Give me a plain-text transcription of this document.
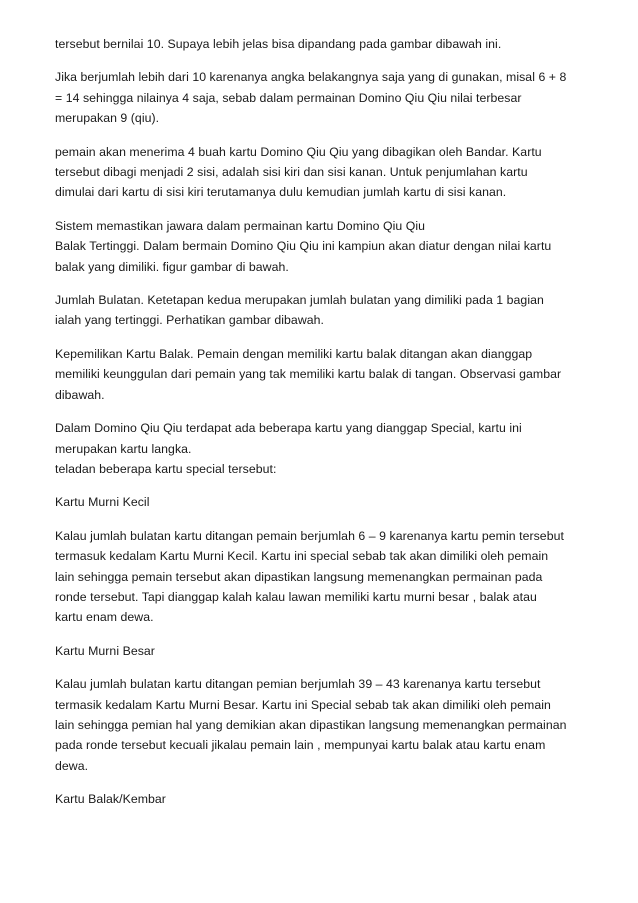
tersebut bernilai 10. Supaya lebih jelas bisa dipandang pada gambar dibawah ini.

Jika berjumlah lebih dari 10 karenanya angka belakangnya saja yang di gunakan, misal 6 + 8
= 14 sehingga nilainya 4 saja, sebab dalam permainan Domino Qiu Qiu nilai terbesar
merupakan 9 (qiu).

pemain akan menerima 4 buah kartu Domino Qiu Qiu yang dibagikan oleh Bandar. Kartu
tersebut dibagi menjadi 2 sisi, adalah sisi kiri dan sisi kanan. Untuk penjumlahan kartu
dimulai dari kartu di sisi kiri terutamanya dulu kemudian jumlah kartu di sisi kanan.

Sistem memastikan jawara dalam permainan kartu Domino Qiu Qiu
Balak Tertinggi. Dalam bermain Domino Qiu Qiu ini kampiun akan diatur dengan nilai kartu
balak yang dimiliki. figur gambar di bawah.

Jumlah Bulatan. Ketetapan kedua merupakan jumlah bulatan yang dimiliki pada 1 bagian
ialah yang tertinggi. Perhatikan gambar dibawah.

Kepemilikan Kartu Balak. Pemain dengan memiliki kartu balak ditangan akan dianggap
memiliki keunggulan dari pemain yang tak memiliki kartu balak di tangan. Observasi gambar
dibawah.

Dalam Domino Qiu Qiu terdapat ada beberapa kartu yang dianggap Special, kartu ini
merupakan kartu langka.
teladan beberapa kartu special tersebut:

Kartu Murni Kecil

Kalau jumlah bulatan kartu ditangan pemain berjumlah 6 – 9 karenanya kartu pemin tersebut
termasuk kedalam Kartu Murni Kecil. Kartu ini special sebab tak akan dimiliki oleh pemain
lain sehingga pemain tersebut akan dipastikan langsung memenangkan permainan pada
ronde tersebut. Tapi dianggap kalah kalau lawan memiliki kartu murni besar , balak atau
kartu enam dewa.

Kartu Murni Besar

Kalau jumlah bulatan kartu ditangan pemian berjumlah 39 – 43 karenanya kartu tersebut
termasik kedalam Kartu Murni Besar. Kartu ini Special sebab tak akan dimiliki oleh pemain
lain sehingga pemian hal yang demikian akan dipastikan langsung memenangkan permainan
pada ronde tersebut kecuali jikalau pemain lain , mempunyai kartu balak atau kartu enam
dewa.

Kartu Balak/Kembar
